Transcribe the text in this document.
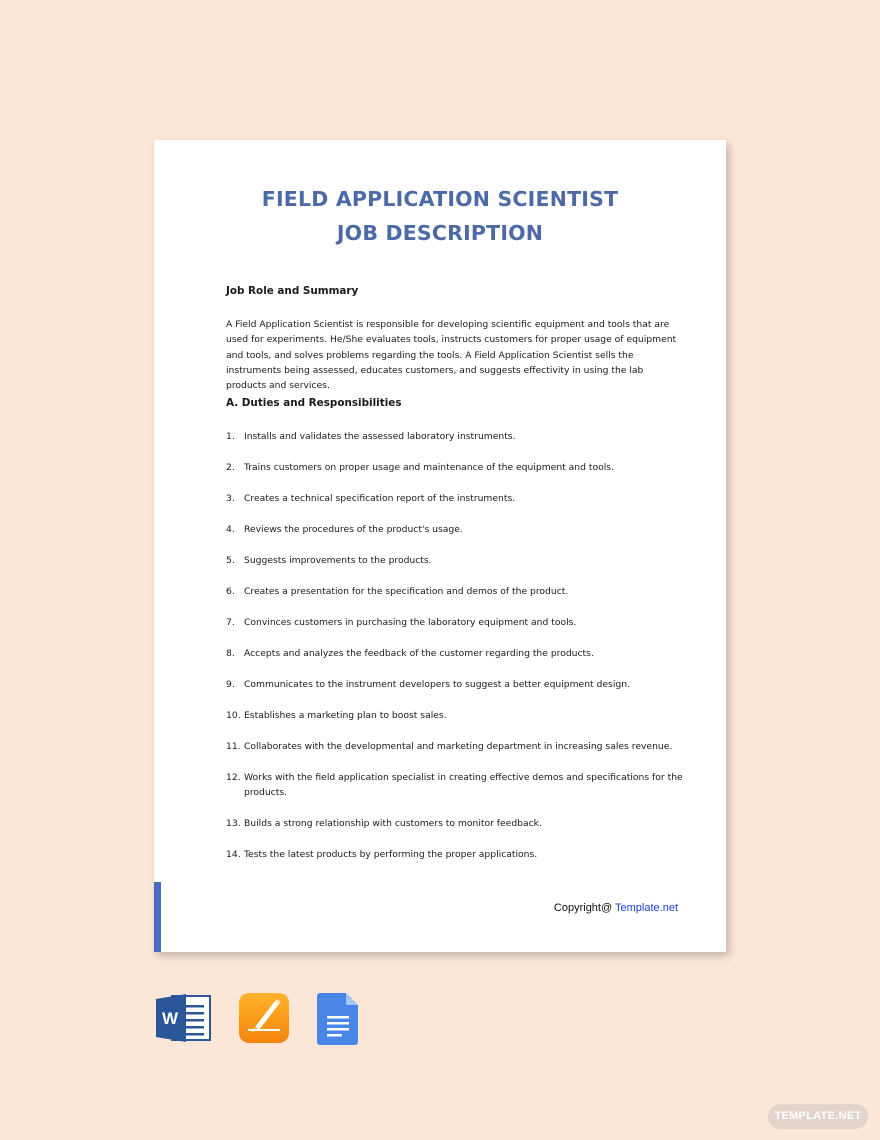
FIELD APPLICATION SCIENTIST
JOB DESCRIPTION
Job Role and Summary
A Field Application Scientist is responsible for developing scientific equipment and tools that are used for experiments. He/She evaluates tools, instructs customers for proper usage of equipment and tools, and solves problems regarding the tools. A Field Application Scientist sells the instruments being assessed, educates customers, and suggests effectivity in using the lab products and services.
A. Duties and Responsibilities
1. Installs and validates the assessed laboratory instruments.
2. Trains customers on proper usage and maintenance of the equipment and tools.
3. Creates a technical specification report of the instruments.
4. Reviews the procedures of the product's usage.
5. Suggests improvements to the products.
6. Creates a presentation for the specification and demos of the product.
7. Convinces customers in purchasing the laboratory equipment and tools.
8. Accepts and analyzes the feedback of the customer regarding the products.
9. Communicates to the instrument developers to suggest a better equipment design.
10. Establishes a marketing plan to boost sales.
11. Collaborates with the developmental and marketing department in increasing sales revenue.
12. Works with the field application specialist in creating effective demos and specifications for the products.
13. Builds a strong relationship with customers to monitor feedback.
14. Tests the latest products by performing the proper applications.
Copyright@ Template.net
W
TEMPLATE.NET
